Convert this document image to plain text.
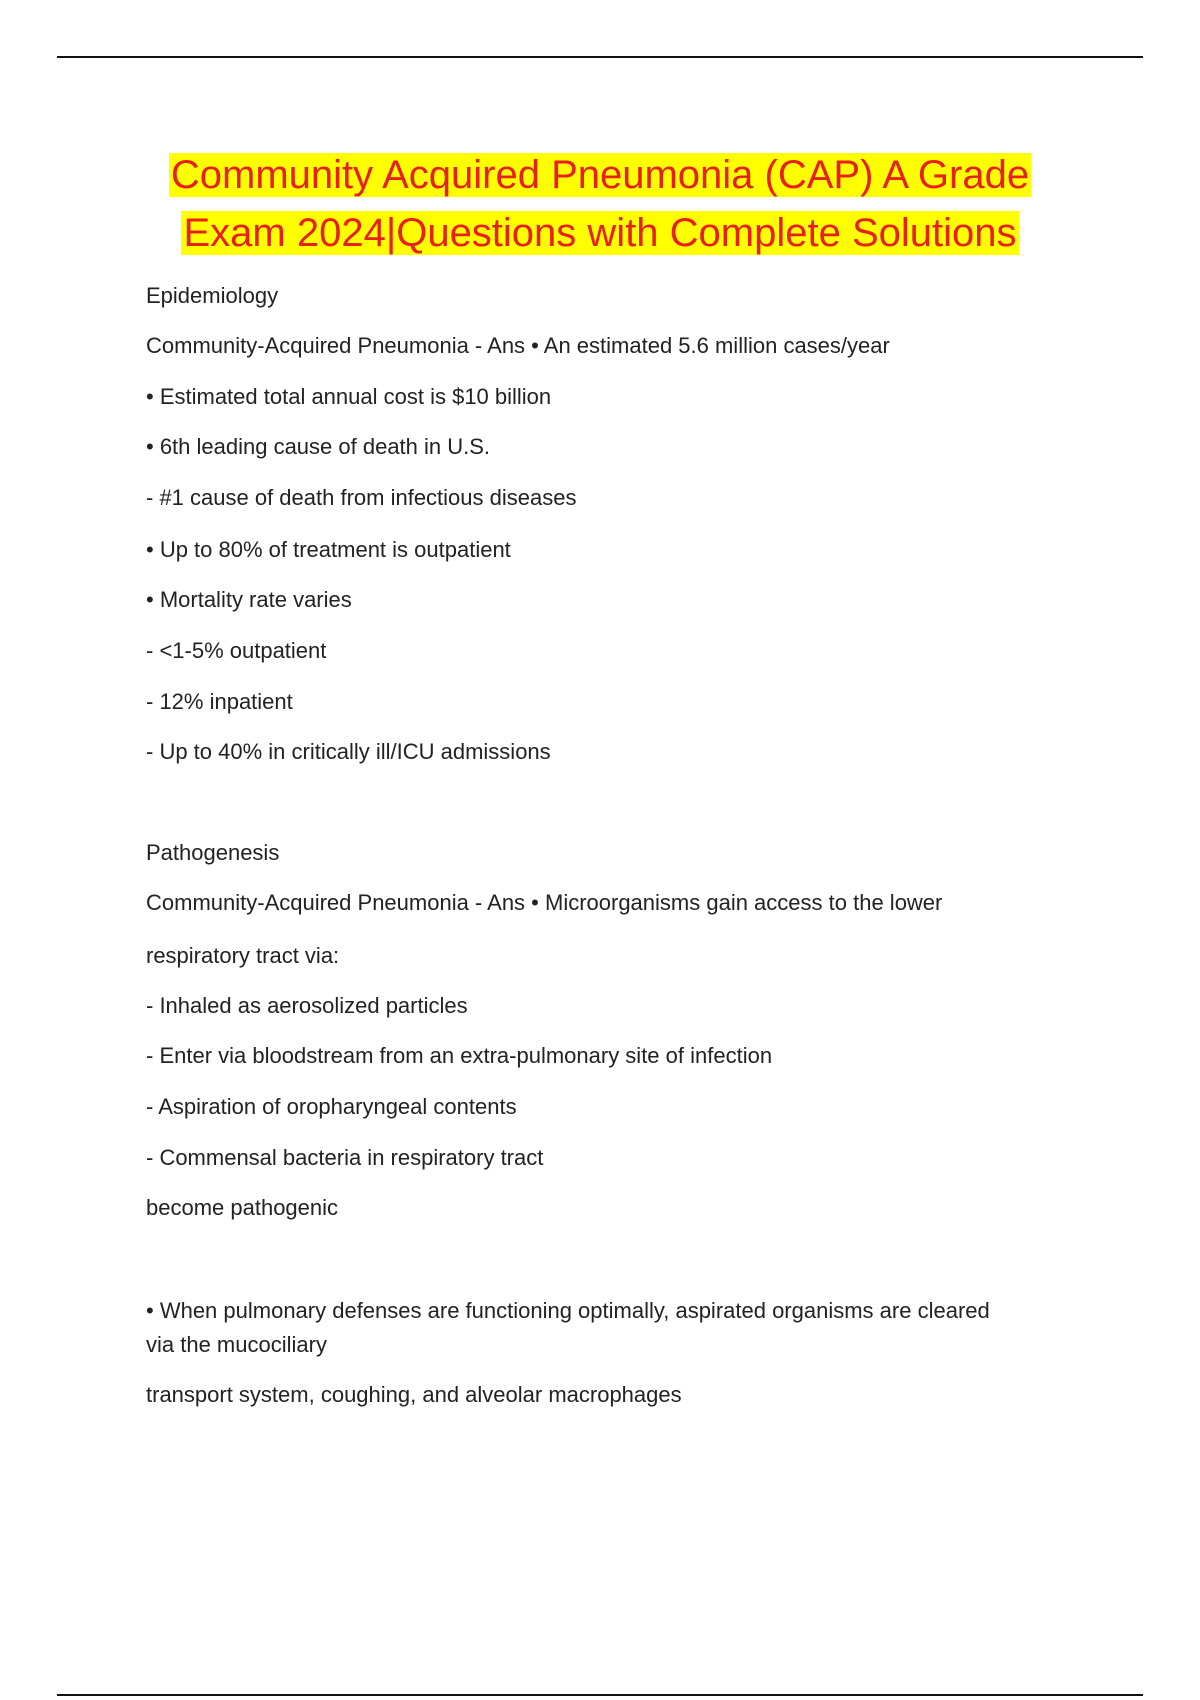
Community Acquired Pneumonia (CAP) A Grade
Exam 2024|Questions with Complete Solutions
Epidemiology
Community-Acquired Pneumonia - Ans • An estimated 5.6 million cases/year
• Estimated total annual cost is $10 billion
• 6th leading cause of death in U.S.
- #1 cause of death from infectious diseases
• Up to 80% of treatment is outpatient
• Mortality rate varies
- <1-5% outpatient
- 12% inpatient
- Up to 40% in critically ill/ICU admissions
Pathogenesis
Community-Acquired Pneumonia - Ans • Microorganisms gain access to the lower
respiratory tract via:
- Inhaled as aerosolized particles
- Enter via bloodstream from an extra-pulmonary site of infection
- Aspiration of oropharyngeal contents
- Commensal bacteria in respiratory tract
become pathogenic
• When pulmonary defenses are functioning optimally, aspirated organisms are cleared
via the mucociliary
transport system, coughing, and alveolar macrophages
